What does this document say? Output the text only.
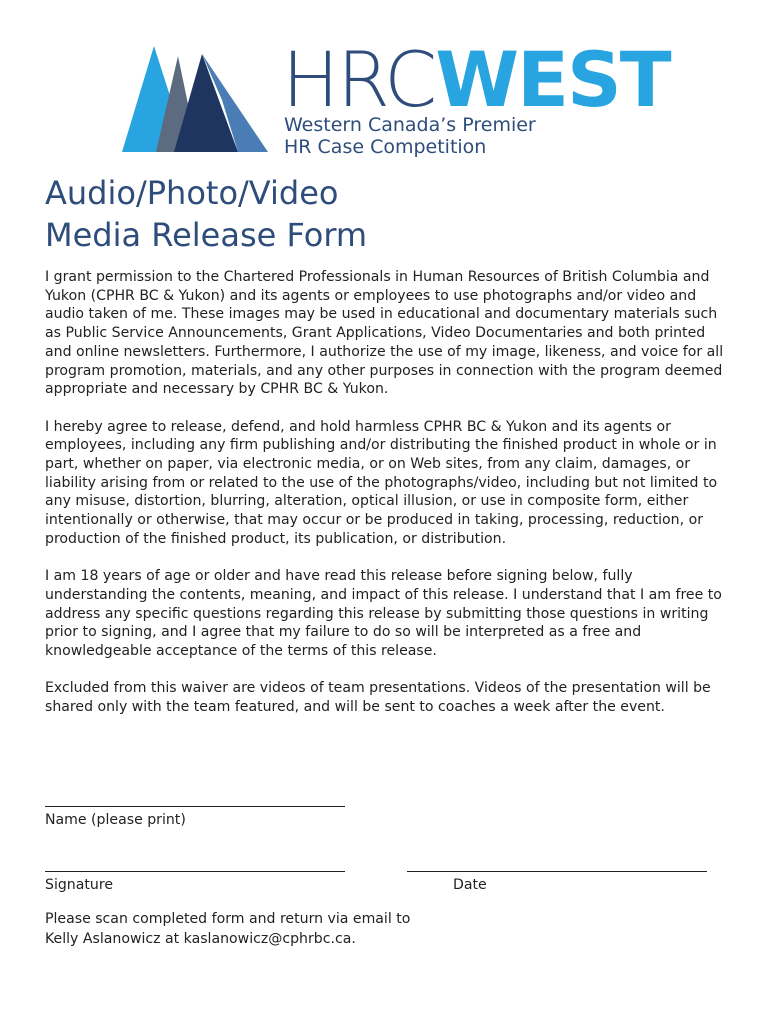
HRCWEST
Western Canada’s Premier
HR Case Competition
Audio/Photo/Video
Media Release Form

I grant permission to the Chartered Professionals in Human Resources of British Columbia and Yukon (CPHR BC & Yukon) and its agents or employees to use photographs and/or video and audio taken of me. These images may be used in educational and documentary materials such as Public Service Announcements, Grant Applications, Video Documentaries and both printed and online newsletters. Furthermore, I authorize the use of my image, likeness, and voice for all program promotion, materials, and any other purposes in connection with the program deemed appropriate and necessary by CPHR BC & Yukon.

I hereby agree to release, defend, and hold harmless CPHR BC & Yukon and its agents or employees, including any firm publishing and/or distributing the finished product in whole or in part, whether on paper, via electronic media, or on Web sites, from any claim, damages, or liability arising from or related to the use of the photographs/video, including but not limited to any misuse, distortion, blurring, alteration, optical illusion, or use in composite form, either intentionally or otherwise, that may occur or be produced in taking, processing, reduction, or production of the finished product, its publication, or distribution.

I am 18 years of age or older and have read this release before signing below, fully understanding the contents, meaning, and impact of this release. I understand that I am free to address any specific questions regarding this release by submitting those questions in writing prior to signing, and I agree that my failure to do so will be interpreted as a free and knowledgeable acceptance of the terms of this release.

Excluded from this waiver are videos of team presentations. Videos of the presentation will be shared only with the team featured, and will be sent to coaches a week after the event.

Name (please print)
Signature	Date
Please scan completed form and return via email to
Kelly Aslanowicz at kaslanowicz@cphrbc.ca.
